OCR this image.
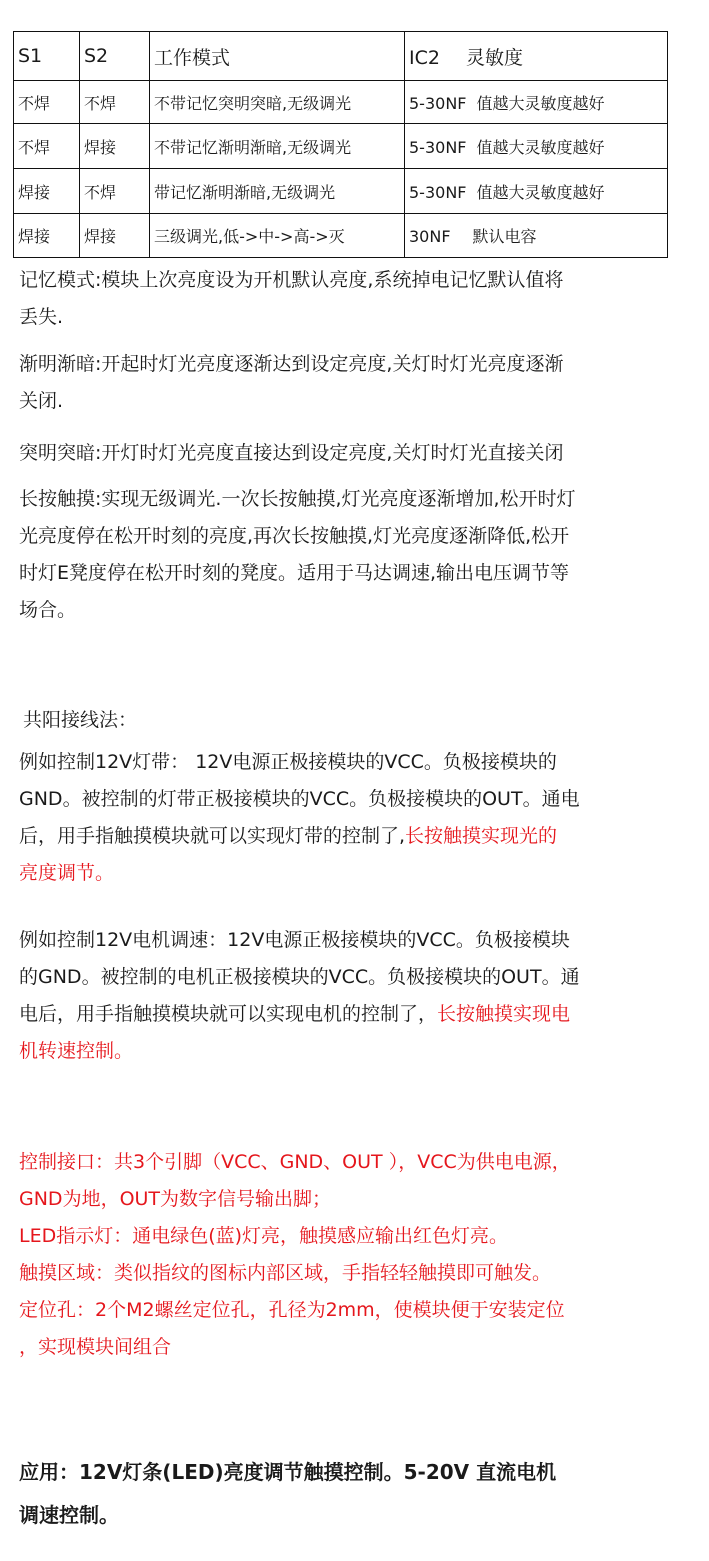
S1	S2	工作模式	IC2 灵敏度
不焊	不焊	不带记忆突明突暗,无级调光	5-30NF 值越大灵敏度越好
不焊	焊接	不带记忆渐明渐暗,无级调光	5-30NF 值越大灵敏度越好
焊接	不焊	带记忆渐明渐暗,无级调光	5-30NF 值越大灵敏度越好
焊接	焊接	三级调光,低->中->高->灭	30NF 默认电容
记忆模式:模块上次亮度设为开机默认亮度,系统掉电记忆默认值将
丢失.
渐明渐暗:开起时灯光亮度逐渐达到设定亮度,关灯时灯光亮度逐渐
关闭.
突明突暗:开灯时灯光亮度直接达到设定亮度,关灯时灯光直接关闭
长按触摸:实现无级调光.一次长按触摸,灯光亮度逐渐增加,松开时灯
光亮度停在松开时刻的亮度,再次长按触摸,灯光亮度逐渐降低,松开
时灯E凳度停在松开时刻的凳度。适用于马达调速,输出电压调节等
场合。
共阳接线法：
例如控制12V灯带： 12V电源正极接模块的VCC。负极接模块的
GND。被控制的灯带正极接模块的VCC。负极接模块的OUT。通电
后，用手指触摸模块就可以实现灯带的控制了,长按触摸实现光的
亮度调节。
例如控制12V电机调速：12V电源正极接模块的VCC。负极接模块
的GND。被控制的电机正极接模块的VCC。负极接模块的OUT。通
电后，用手指触摸模块就可以实现电机的控制了，长按触摸实现电
机转速控制。
控制接口：共3个引脚（VCC、GND、OUT ），VCC为供电电源，
GND为地，OUT为数字信号输出脚；
LED指示灯：通电绿色(蓝)灯亮，触摸感应输出红色灯亮。
触摸区域：类似指纹的图标内部区域，手指轻轻触摸即可触发。
定位孔：2个M2螺丝定位孔，孔径为2mm，使模块便于安装定位
，实现模块间组合
应用：12V灯条(LED)亮度调节触摸控制。5-20V 直流电机
调速控制。
